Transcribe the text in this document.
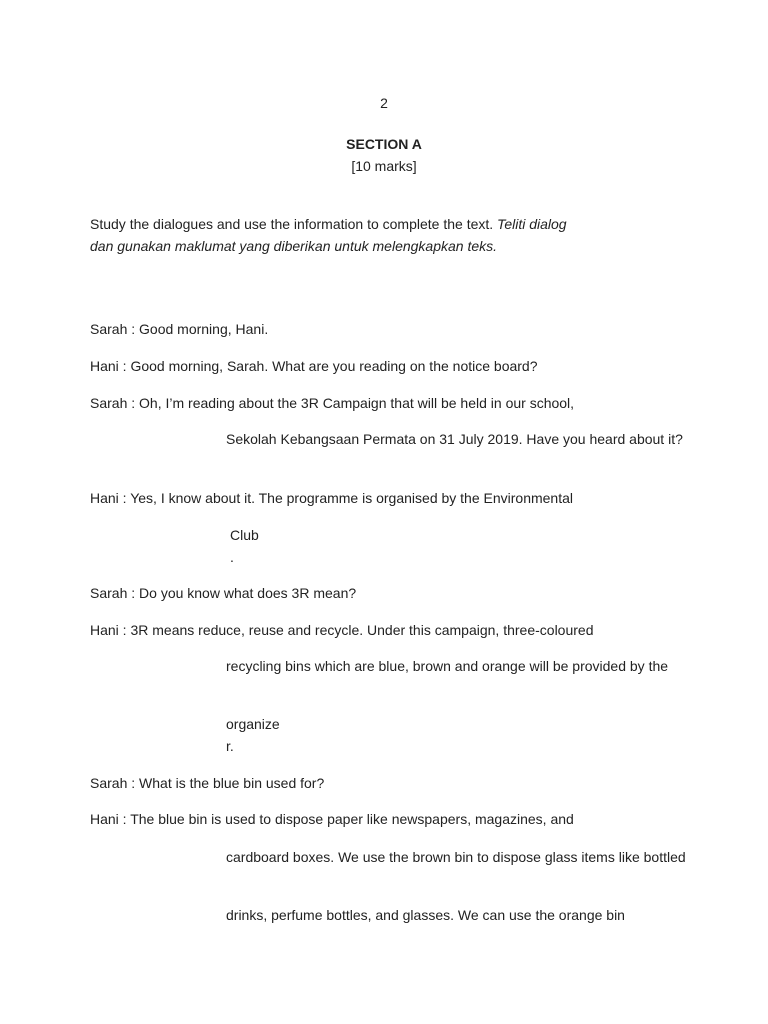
2
SECTION A
[10 marks]
Study the dialogues and use the information to complete the text. Teliti dialog dan gunakan maklumat yang diberikan untuk melengkapkan teks.
Sarah : Good morning, Hani.
Hani : Good morning, Sarah. What are you reading on the notice board?
Sarah : Oh, I’m reading about the 3R Campaign that will be held in our school,
Sekolah Kebangsaan Permata on 31 July 2019. Have you heard about it?
Hani : Yes, I know about it. The programme is organised by the Environmental
Club
.
Sarah : Do you know what does 3R mean?
Hani : 3R means reduce, reuse and recycle. Under this campaign, three-coloured
recycling bins which are blue, brown and orange will be provided by the
organize
r.
Sarah : What is the blue bin used for?
Hani : The blue bin is used to dispose paper like newspapers, magazines, and
cardboard boxes. We use the brown bin to dispose glass items like bottled
drinks, perfume bottles, and glasses. We can use the orange bin
